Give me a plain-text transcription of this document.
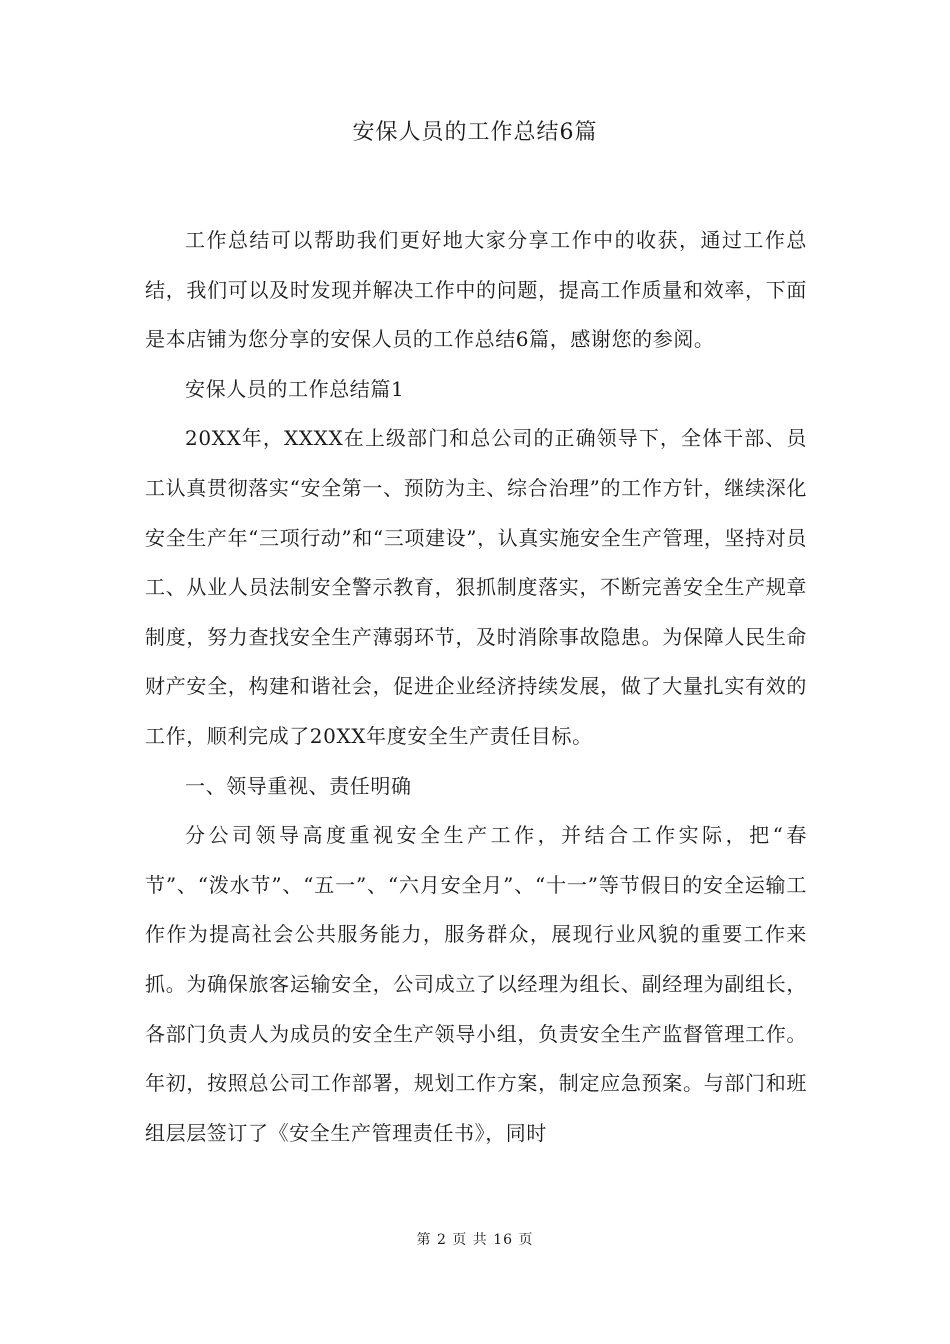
安保人员的工作总结6篇

工作总结可以帮助我们更好地大家分享工作中的收获，通过工作总结，我们可以及时发现并解决工作中的问题，提高工作质量和效率，下面是本店铺为您分享的安保人员的工作总结6篇，感谢您的参阅。

安保人员的工作总结篇1

20XX年，XXXX在上级部门和总公司的正确领导下，全体干部、员工认真贯彻落实“安全第一、预防为主、综合治理”的工作方针，继续深化安全生产年“三项行动”和“三项建设”，认真实施安全生产管理，坚持对员工、从业人员法制安全警示教育，狠抓制度落实，不断完善安全生产规章制度，努力查找安全生产薄弱环节，及时消除事故隐患。为保障人民生命财产安全，构建和谐社会，促进企业经济持续发展，做了大量扎实有效的工作，顺利完成了20XX年度安全生产责任目标。

一、领导重视、责任明确

分公司领导高度重视安全生产工作，并结合工作实际，把“春节”、“泼水节”、“五一”、“六月安全月”、“十一”等节假日的安全运输工作作为提高社会公共服务能力，服务群众，展现行业风貌的重要工作来抓。为确保旅客运输安全，公司成立了以经理为组长、副经理为副组长，各部门负责人为成员的安全生产领导小组，负责安全生产监督管理工作。年初，按照总公司工作部署，规划工作方案，制定应急预案。与部门和班组层层签订了《安全生产管理责任书》，同时

第 2 页 共 16 页
